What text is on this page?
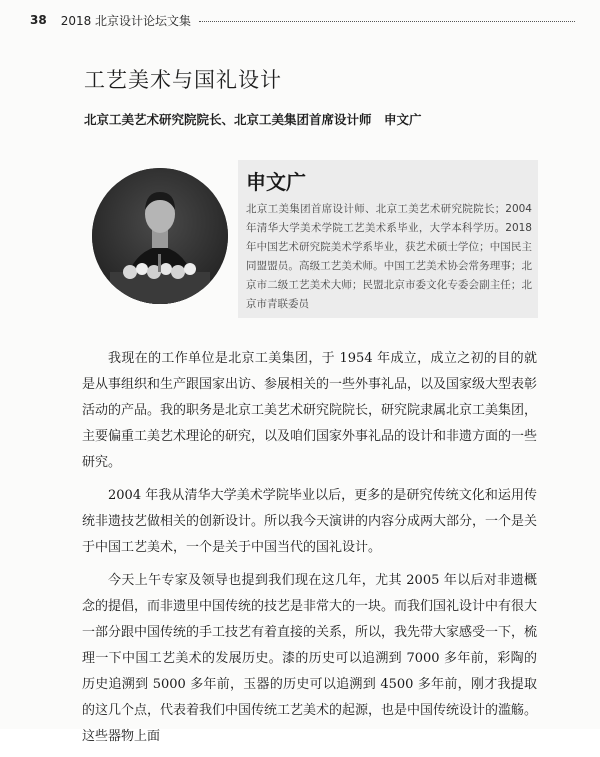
38 2018 北京设计论坛文集
工艺美术与国礼设计
北京工美艺术研究院院长、北京工美集团首席设计师　申文广
申文广

北京工美集团首席设计师、北京工美艺术研究院院长；2004年清华大学美术学院工艺美术系毕业，大学本科学历。2018年中国艺术研究院美术学系毕业，获艺术硕士学位；中国民主同盟盟员。高级工艺美术师。中国工艺美术协会常务理事；北京市二级工艺美术大师；民盟北京市委文化专委会副主任；北京市青联委员

我现在的工作单位是北京工美集团，于 1954 年成立，成立之初的目的就是从事组织和生产跟国家出访、参展相关的一些外事礼品，以及国家级大型表彰活动的产品。我的职务是北京工美艺术研究院院长，研究院隶属北京工美集团，主要偏重工美艺术理论的研究，以及咱们国家外事礼品的设计和非遗方面的一些研究。

2004 年我从清华大学美术学院毕业以后，更多的是研究传统文化和运用传统非遗技艺做相关的创新设计。所以我今天演讲的内容分成两大部分，一个是关于中国工艺美术，一个是关于中国当代的国礼设计。

今天上午专家及领导也提到我们现在这几年，尤其 2005 年以后对非遗概念的提倡，而非遗里中国传统的技艺是非常大的一块。而我们国礼设计中有很大一部分跟中国传统的手工技艺有着直接的关系，所以，我先带大家感受一下，梳理一下中国工艺美术的发展历史。漆的历史可以追溯到 7000 多年前，彩陶的历史追溯到 5000 多年前，玉器的历史可以追溯到 4500 多年前，刚才我提取的这几个点，代表着我们中国传统工艺美术的起源，也是中国传统设计的滥觞。这些器物上面
